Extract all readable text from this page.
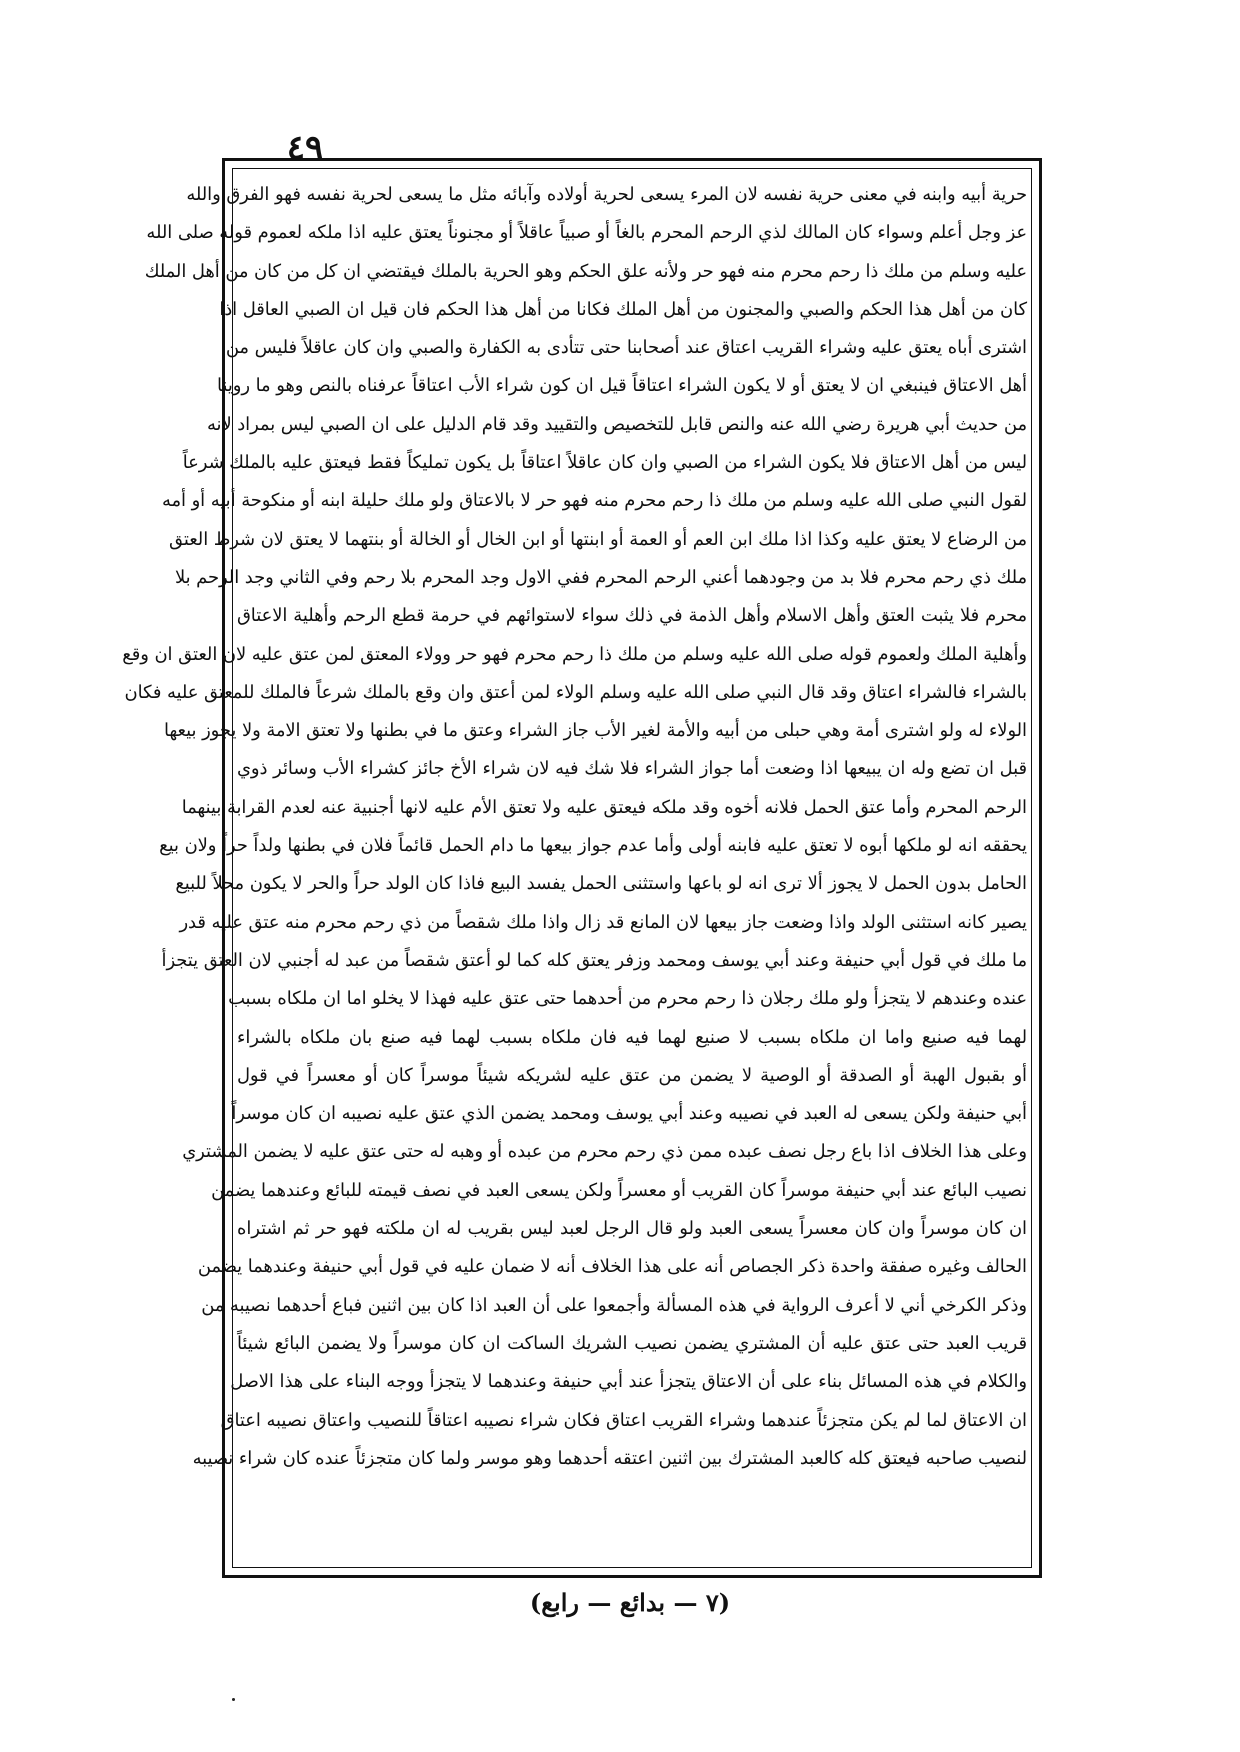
٤٩
حرية أبيه وابنه في معنى حرية نفسه لان المرء يسعى لحرية أولاده وآبائه مثل ما يسعى لحرية نفسه فهو الفرق والله
عز وجل أعلم وسواء كان المالك لذي الرحم المحرم بالغاً أو صبياً عاقلاً أو مجنوناً يعتق عليه اذا ملكه لعموم قوله صلى الله
عليه وسلم من ملك ذا رحم محرم منه فهو حر ولأنه علق الحكم وهو الحرية بالملك فيقتضي ان كل من كان من أهل الملك
كان من أهل هذا الحكم والصبي والمجنون من أهل الملك فكانا من أهل هذا الحكم فان قيل ان الصبي العاقل اذا
اشترى أباه يعتق عليه وشراء القريب اعتاق عند أصحابنا حتى تتأدى به الكفارة والصبي وان كان عاقلاً فليس من
أهل الاعتاق فينبغي ان لا يعتق أو لا يكون الشراء اعتاقاً قيل ان كون شراء الأب اعتاقاً عرفناه بالنص وهو ما روينا
من حديث أبي هريرة رضي الله عنه والنص قابل للتخصيص والتقييد وقد قام الدليل على ان الصبي ليس بمراد لانه
ليس من أهل الاعتاق فلا يكون الشراء من الصبي وان كان عاقلاً اعتاقاً بل يكون تمليكاً فقط فيعتق عليه بالملك شرعاً
لقول النبي صلى الله عليه وسلم من ملك ذا رحم محرم منه فهو حر لا بالاعتاق ولو ملك حليلة ابنه أو منكوحة أبيه أو أمه
من الرضاع لا يعتق عليه وكذا اذا ملك ابن العم أو العمة أو ابنتها أو ابن الخال أو الخالة أو بنتهما لا يعتق لان شرط العتق
ملك ذي رحم محرم فلا بد من وجودهما أعني الرحم المحرم ففي الاول وجد المحرم بلا رحم وفي الثاني وجد الرحم بلا
محرم فلا يثبت العتق وأهل الاسلام وأهل الذمة في ذلك سواء لاستوائهم في حرمة قطع الرحم وأهلية الاعتاق
وأهلية الملك ولعموم قوله صلى الله عليه وسلم من ملك ذا رحم محرم فهو حر وولاء المعتق لمن عتق عليه لان العتق ان وقع
بالشراء فالشراء اعتاق وقد قال النبي صلى الله عليه وسلم الولاء لمن أعتق وان وقع بالملك شرعاً فالملك للمعتق عليه فكان
الولاء له ولو اشترى أمة وهي حبلى من أبيه والأمة لغير الأب جاز الشراء وعتق ما في بطنها ولا تعتق الامة ولا يجوز بيعها
قبل ان تضع وله ان يبيعها اذا وضعت أما جواز الشراء فلا شك فيه لان شراء الأخ جائز كشراء الأب وسائر ذوي
الرحم المحرم وأما عتق الحمل فلانه أخوه وقد ملكه فيعتق عليه ولا تعتق الأم عليه لانها أجنبية عنه لعدم القرابة بينهما
يحققه انه لو ملكها أبوه لا تعتق عليه فابنه أولى وأما عدم جواز بيعها ما دام الحمل قائماً فلان في بطنها ولداً حراً ولان بيع
الحامل بدون الحمل لا يجوز ألا ترى انه لو باعها واستثنى الحمل يفسد البيع فاذا كان الولد حراً والحر لا يكون محلاً للبيع
يصير كانه استثنى الولد واذا وضعت جاز بيعها لان المانع قد زال واذا ملك شقصاً من ذي رحم محرم منه عتق عليه قدر
ما ملك في قول أبي حنيفة وعند أبي يوسف ومحمد وزفر يعتق كله كما لو أعتق شقصاً من عبد له أجنبي لان العتق يتجزأ
عنده وعندهم لا يتجزأ ولو ملك رجلان ذا رحم محرم من أحدهما حتى عتق عليه فهذا لا يخلو اما ان ملكاه بسبب
لهما فيه صنيع واما ان ملكاه بسبب لا صنيع لهما فيه فان ملكاه بسبب لهما فيه صنع بان ملكاه بالشراء
أو بقبول الهبة أو الصدقة أو الوصية لا يضمن من عتق عليه لشريكه شيئاً موسراً كان أو معسراً في قول
أبي حنيفة ولكن يسعى له العبد في نصيبه وعند أبي يوسف ومحمد يضمن الذي عتق عليه نصيبه ان كان موسراً
وعلى هذا الخلاف اذا باع رجل نصف عبده ممن ذي رحم محرم من عبده أو وهبه له حتى عتق عليه لا يضمن المشتري
نصيب البائع عند أبي حنيفة موسراً كان القريب أو معسراً ولكن يسعى العبد في نصف قيمته للبائع وعندهما يضمن
ان كان موسراً وان كان معسراً يسعى العبد ولو قال الرجل لعبد ليس بقريب له ان ملكته فهو حر ثم اشتراه
الحالف وغيره صفقة واحدة ذكر الجصاص أنه على هذا الخلاف أنه لا ضمان عليه في قول أبي حنيفة وعندهما يضمن
وذكر الكرخي أني لا أعرف الرواية في هذه المسألة وأجمعوا على أن العبد اذا كان بين اثنين فباع أحدهما نصيبه من
قريب العبد حتى عتق عليه أن المشتري يضمن نصيب الشريك الساكت ان كان موسراً ولا يضمن البائع شيئاً
والكلام في هذه المسائل بناء على أن الاعتاق يتجزأ عند أبي حنيفة وعندهما لا يتجزأ ووجه البناء على هذا الاصل
ان الاعتاق لما لم يكن متجزئاً عندهما وشراء القريب اعتاق فكان شراء نصيبه اعتاقاً للنصيب واعتاق نصيبه اعتاق
لنصيب صاحبه فيعتق كله كالعبد المشترك بين اثنين اعتقه أحدهما وهو موسر ولما كان متجزئاً عنده كان شراء نصيبه
(٧ — بدائع — رابع)
